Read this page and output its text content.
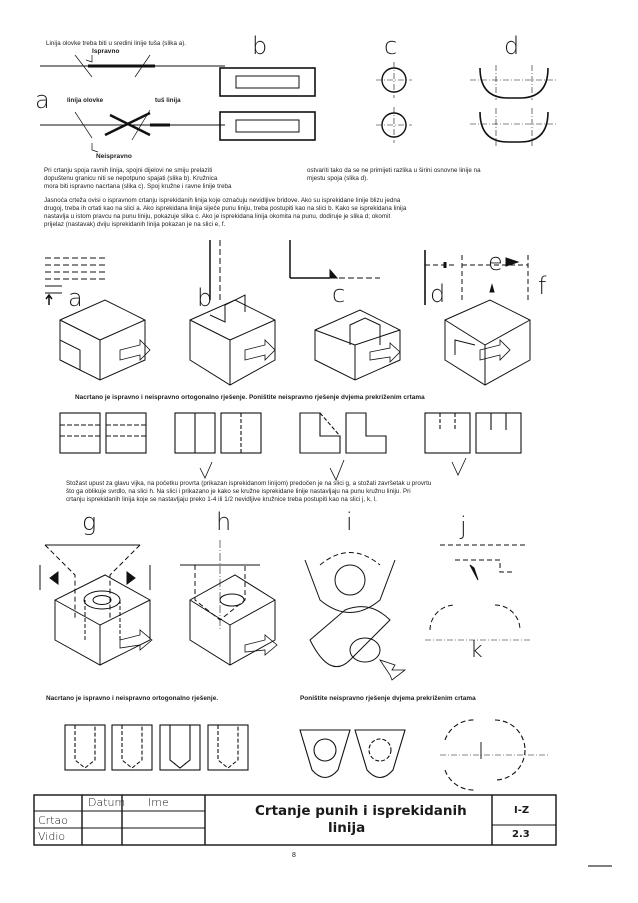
Linija olovke treba biti u sredini linije tuša (slika a).
Ispravno
linija olovke	tuš linija
Neispravno
a
b	c	d
Pri crtanju spoja ravnih linija, spojni dijelovi ne smiju prelaziti
dopuštenu granicu niti se nepotpuno spajati (slika b). Kružnica
mora biti ispravno nacrtana (slika c). Spoj kružne i ravne linije treba
ostvariti tako da se ne primijeti razlika u širini osnovne linije na
mjestu spoja (slika d).
Jasnoća crteža ovisi o ispravnom crtanju isprekidanih linija koje označuju nevidljive bridove. Ako su isprekidane linije blizu jedna
drugoj, treba ih crtati kao na slici a. Ako isprekidana linija siječe punu liniju, treba postupiti kao na slici b. Kako se isprekidana linija
nastavlja u istom pravcu na punu liniju, pokazuje slika c. Ako je isprekidana linija okomita na punu, dodiruje je slika d; okomit
prijelaz (nastavak) dviju isprekidanih linija pokazan je na slici e, f.
a	b	c	d
e
f
Nacrtano je ispravno i neispravno ortogonalno rješenje. Poništite neispravno rješenje dvjema prekriženim crtama
Stožast upust za glavu vijka, na početku provrta (prikazan isprekidanom linijom) predočen je na slici g, a stožati završetak u provrtu
što ga oblikuje svrdlo, na slici h. Na slici i prikazano je kako se kružne isprekidane linije nastavljaju na punu kružnu liniju. Pri
crtanju isprekidanih linija koje se nastavljaju preko 1-4 ili 1/2 nevidljive kružnice treba postupiti kao na slici j, k, l.
g	h	i	j
k
l
Nacrtano je ispravno i neispravno ortogonalno rješenje.	Poništite neispravno rješenje dvjema prekriženim crtama
Datum Ime
Crtao
Vidio
Crtanje punih i isprekidanih
linija
I-Z
2.3
8
